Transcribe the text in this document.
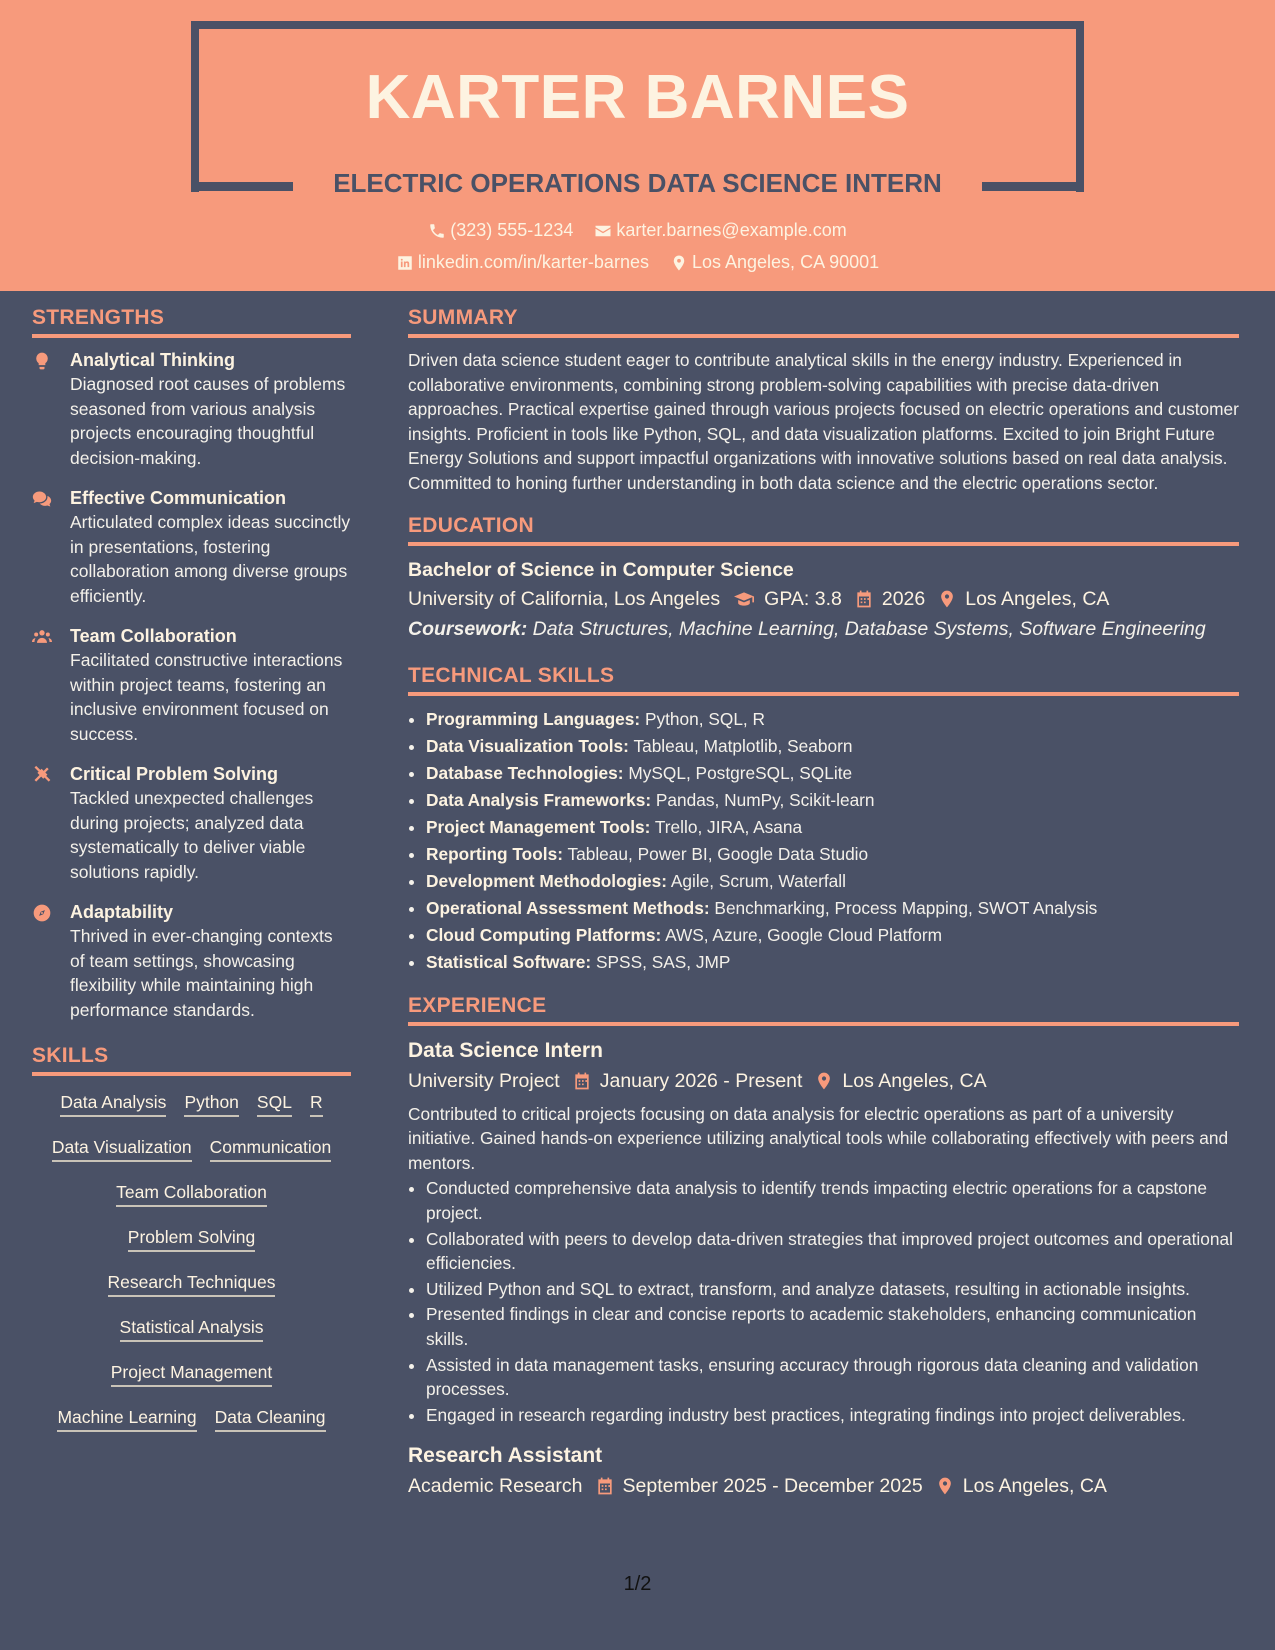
KARTER BARNES
ELECTRIC OPERATIONS DATA SCIENCE INTERN
(323) 555-1234
karter.barnes@example.com
linkedin.com/in/karter-barnes
Los Angeles, CA 90001
STRENGTHS
Analytical Thinking
Diagnosed root causes of problems seasoned from various analysis projects encouraging thoughtful decision-making.
Effective Communication
Articulated complex ideas succinctly in presentations, fostering collaboration among diverse groups efficiently.
Team Collaboration
Facilitated constructive interactions within project teams, fostering an inclusive environment focused on success.
Critical Problem Solving
Tackled unexpected challenges during projects; analyzed data systematically to deliver viable solutions rapidly.
Adaptability
Thrived in ever-changing contexts of team settings, showcasing flexibility while maintaining high performance standards.
SKILLS
Data Analysis Python SQL R
Data Visualization Communication
Team Collaboration
Problem Solving
Research Techniques
Statistical Analysis
Project Management
Machine Learning Data Cleaning
SUMMARY

Driven data science student eager to contribute analytical skills in the energy industry. Experienced in collaborative environments, combining strong problem-solving capabilities with precise data-driven approaches. Practical expertise gained through various projects focused on electric operations and customer insights. Proficient in tools like Python, SQL, and data visualization platforms. Excited to join Bright Future Energy Solutions and support impactful organizations with innovative solutions based on real data analysis. Committed to honing further understanding in both data science and the electric operations sector.

EDUCATION
Bachelor of Science in Computer Science
University of California, Los Angeles GPA: 3.8 2026 Los Angeles, CA
Coursework: Data Structures, Machine Learning, Database Systems, Software Engineering
TECHNICAL SKILLS
• Programming Languages: Python, SQL, R
• Data Visualization Tools: Tableau, Matplotlib, Seaborn
• Database Technologies: MySQL, PostgreSQL, SQLite
• Data Analysis Frameworks: Pandas, NumPy, Scikit-learn
• Project Management Tools: Trello, JIRA, Asana
• Reporting Tools: Tableau, Power BI, Google Data Studio
• Development Methodologies: Agile, Scrum, Waterfall
• Operational Assessment Methods: Benchmarking, Process Mapping, SWOT Analysis
• Cloud Computing Platforms: AWS, Azure, Google Cloud Platform
• Statistical Software: SPSS, SAS, JMP
EXPERIENCE
Data Science Intern
University Project January 2026 - Present Los Angeles, CA

Contributed to critical projects focusing on data analysis for electric operations as part of a university initiative. Gained hands-on experience utilizing analytical tools while collaborating effectively with peers and mentors.

• Conducted comprehensive data analysis to identify trends impacting electric operations for a capstone project.
• Collaborated with peers to develop data-driven strategies that improved project outcomes and operational efficiencies.
• Utilized Python and SQL to extract, transform, and analyze datasets, resulting in actionable insights.
• Presented findings in clear and concise reports to academic stakeholders, enhancing communication skills.
• Assisted in data management tasks, ensuring accuracy through rigorous data cleaning and validation processes.
• Engaged in research regarding industry best practices, integrating findings into project deliverables.
Research Assistant
Academic Research September 2025 - December 2025 Los Angeles, CA
1/2
